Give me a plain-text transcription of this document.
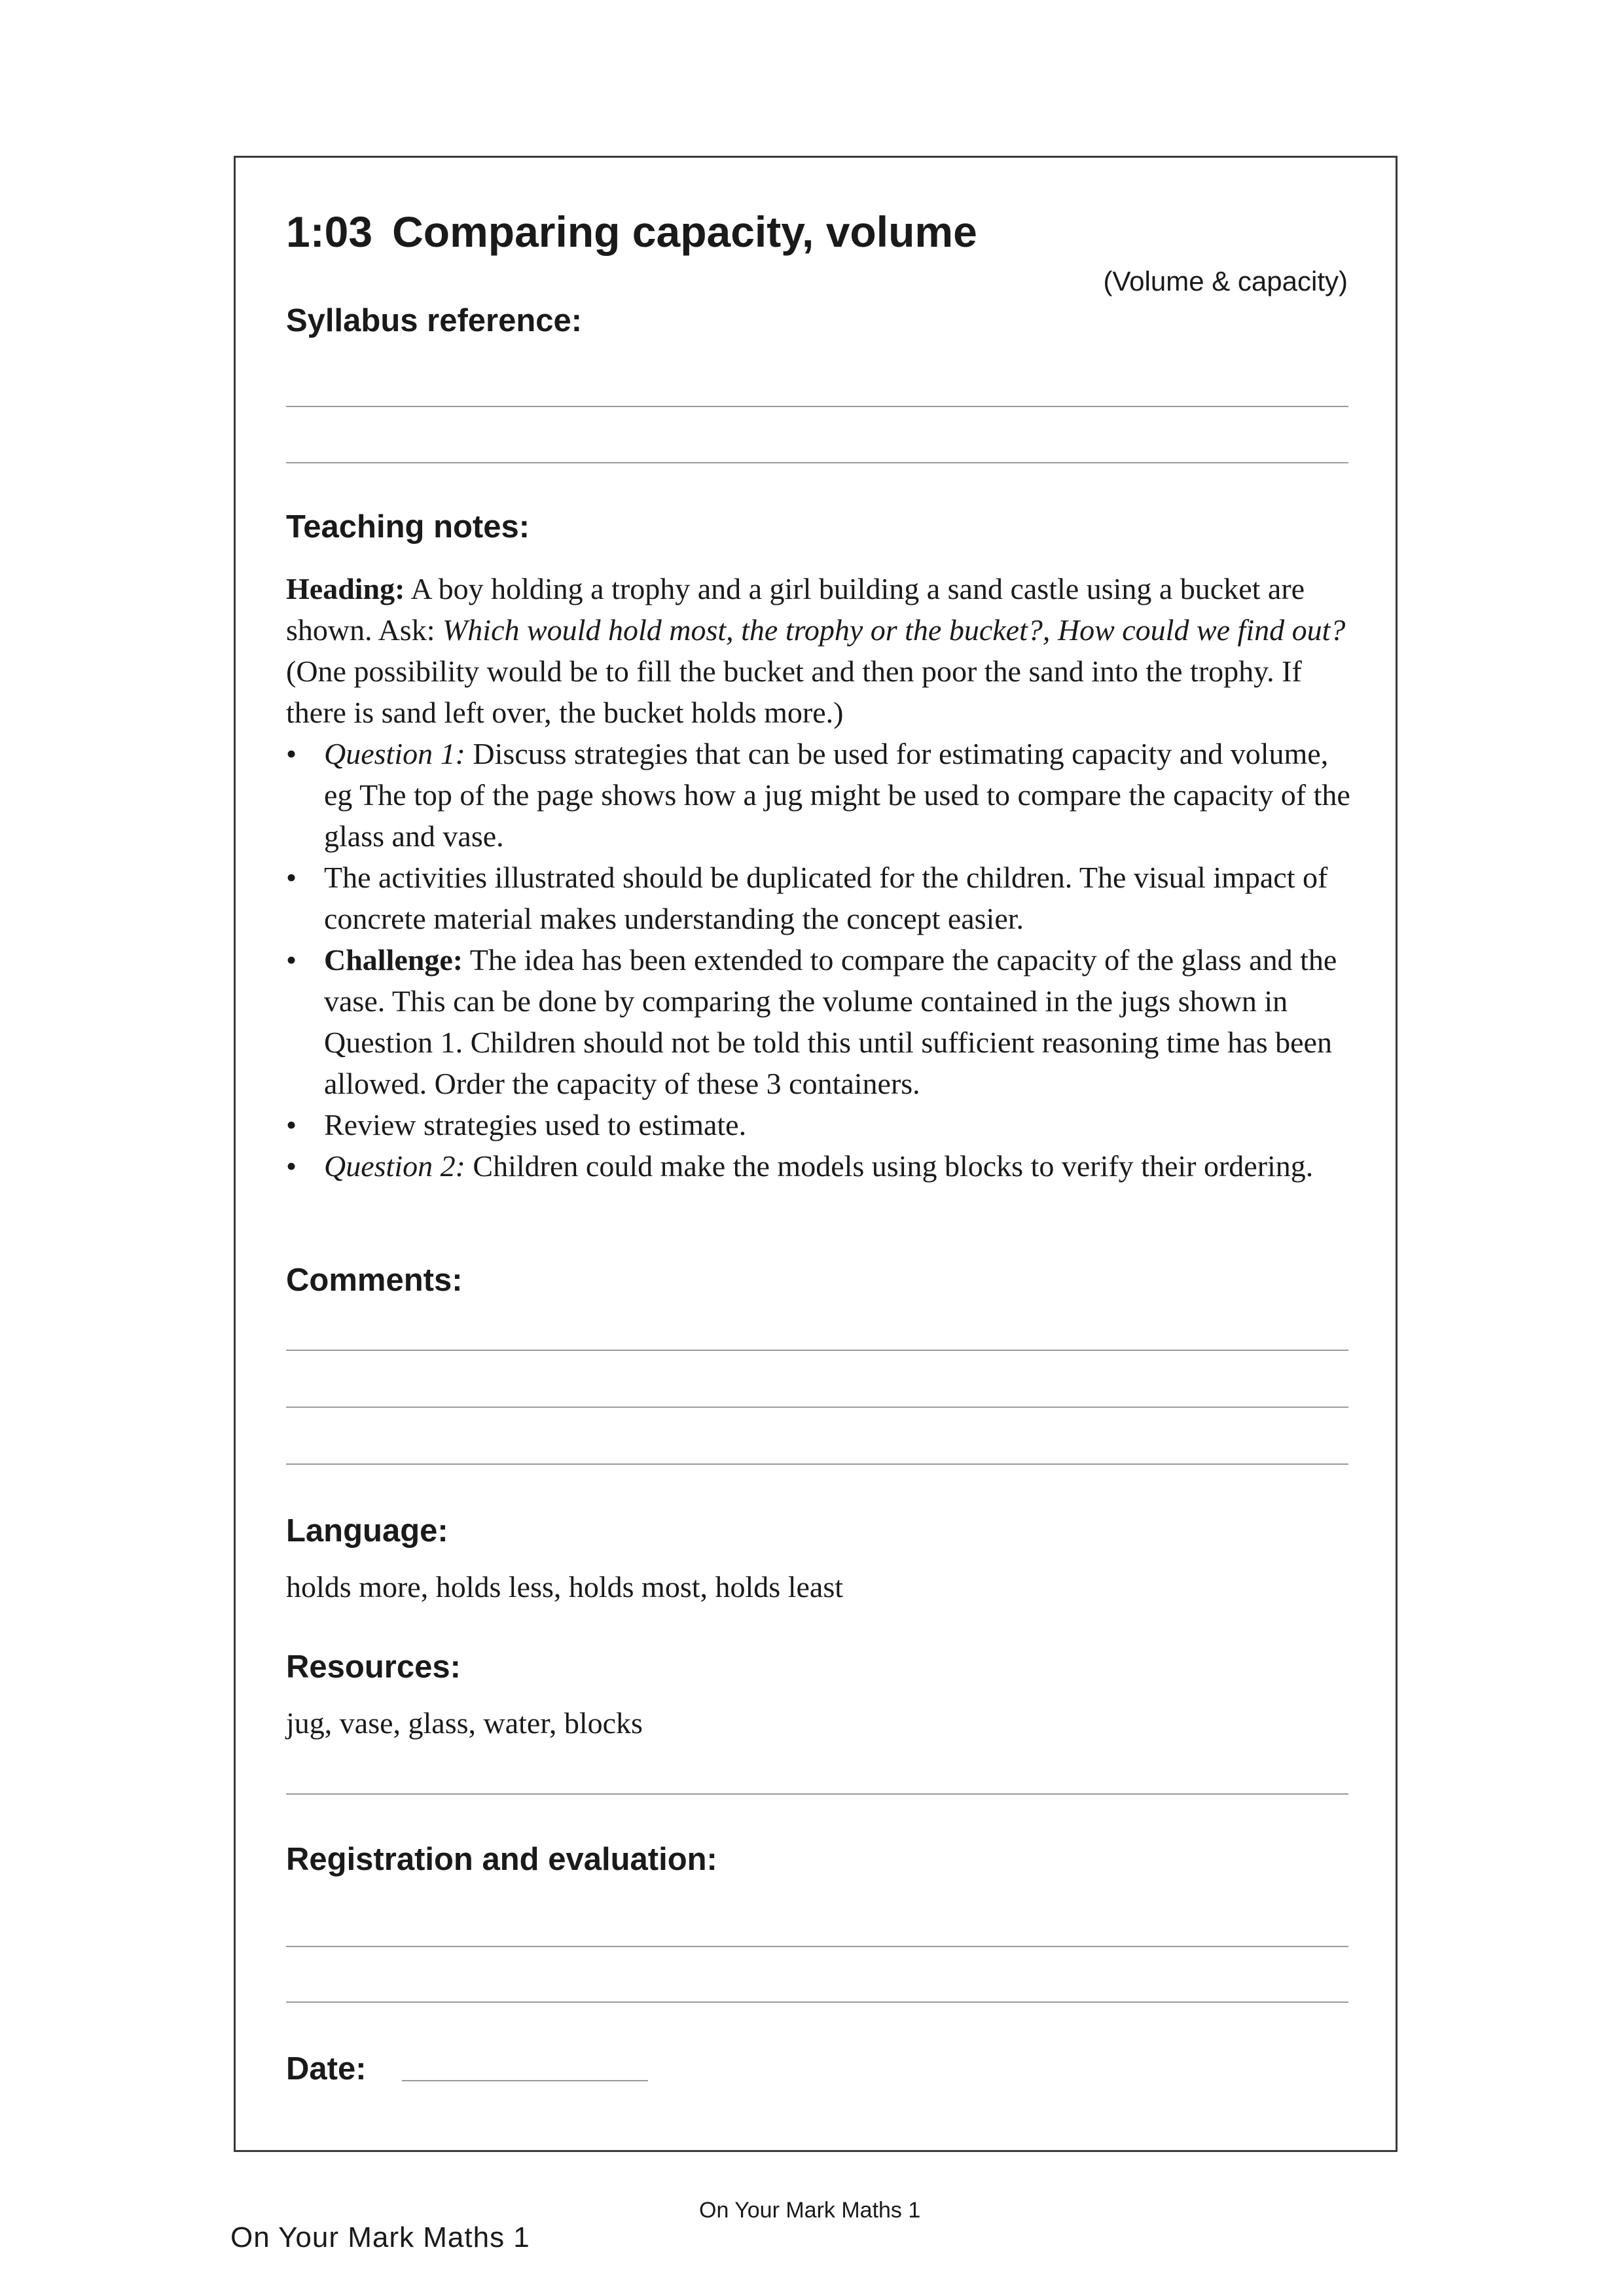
1:03 Comparing capacity, volume
(Volume & capacity)
Syllabus reference:
Teaching notes:

Heading: A boy holding a trophy and a girl building a sand castle using a bucket are shown. Ask: Which would hold most, the trophy or the bucket?, How could we find out? (One possibility would be to fill the bucket and then poor the sand into the trophy. If there is sand left over, the bucket holds more.)

• Question 1: Discuss strategies that can be used for estimating capacity and volume, eg The top of the page shows how a jug might be used to compare the capacity of the glass and vase.
• The activities illustrated should be duplicated for the children. The visual impact of concrete material makes understanding the concept easier.
• Challenge: The idea has been extended to compare the capacity of the glass and the vase. This can be done by comparing the volume contained in the jugs shown in Question 1. Children should not be told this until sufficient reasoning time has been allowed. Order the capacity of these 3 containers.
• Review strategies used to estimate.
• Question 2: Children could make the models using blocks to verify their ordering.
Comments:
Language:
holds more, holds less, holds most, holds least
Resources:
jug, vase, glass, water, blocks
Registration and evaluation:
Date:
On Your Mark Maths 1
On Your Mark Maths 1
